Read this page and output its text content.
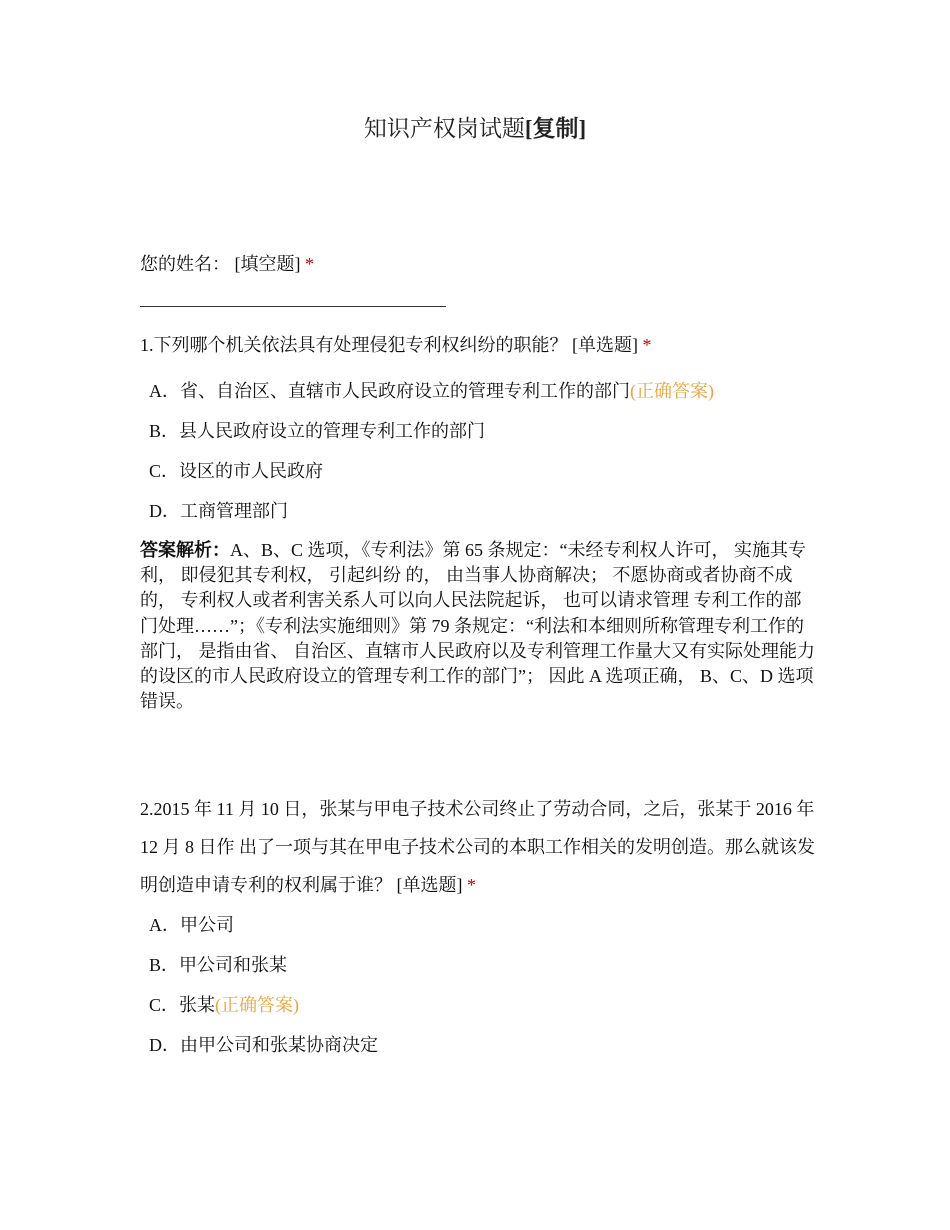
知识产权岗试题[复制]
您的姓名： [填空题] *
1.下列哪个机关依法具有处理侵犯专利权纠纷的职能？ [单选题] *
A．省、自治区、直辖市人民政府设立的管理专利工作的部门(正确答案)
B．县人民政府设立的管理专利工作的部门
C．设区的市人民政府
D．工商管理部门
答案解析：A、B、C 选项，《专利法》第 65 条规定：“未经专利权人许可， 实施其专利， 即侵犯其专利权， 引起纠纷 的， 由当事人协商解决； 不愿协商或者协商不成的， 专利权人或者利害关系人可以向人民法院起诉， 也可以请求管理 专利工作的部门处理……”；《专利法实施细则》第 79 条规定：“利法和本细则所称管理专利工作的部门， 是指由省、 自治区、直辖市人民政府以及专利管理工作量大又有实际处理能力的设区的市人民政府设立的管理专利工作的部门”； 因此 A 选项正确， B、C、D 选项错误。
2.2015 年 11 月 10 日，张某与甲电子技术公司终止了劳动合同，之后，张某于 2016 年 12 月 8 日作 出了一项与其在甲电子技术公司的本职工作相关的发明创造。那么就该发明创造申请专利的权利属于谁？ [单选题] *
A．甲公司
B．甲公司和张某
C．张某(正确答案)
D．由甲公司和张某协商决定
